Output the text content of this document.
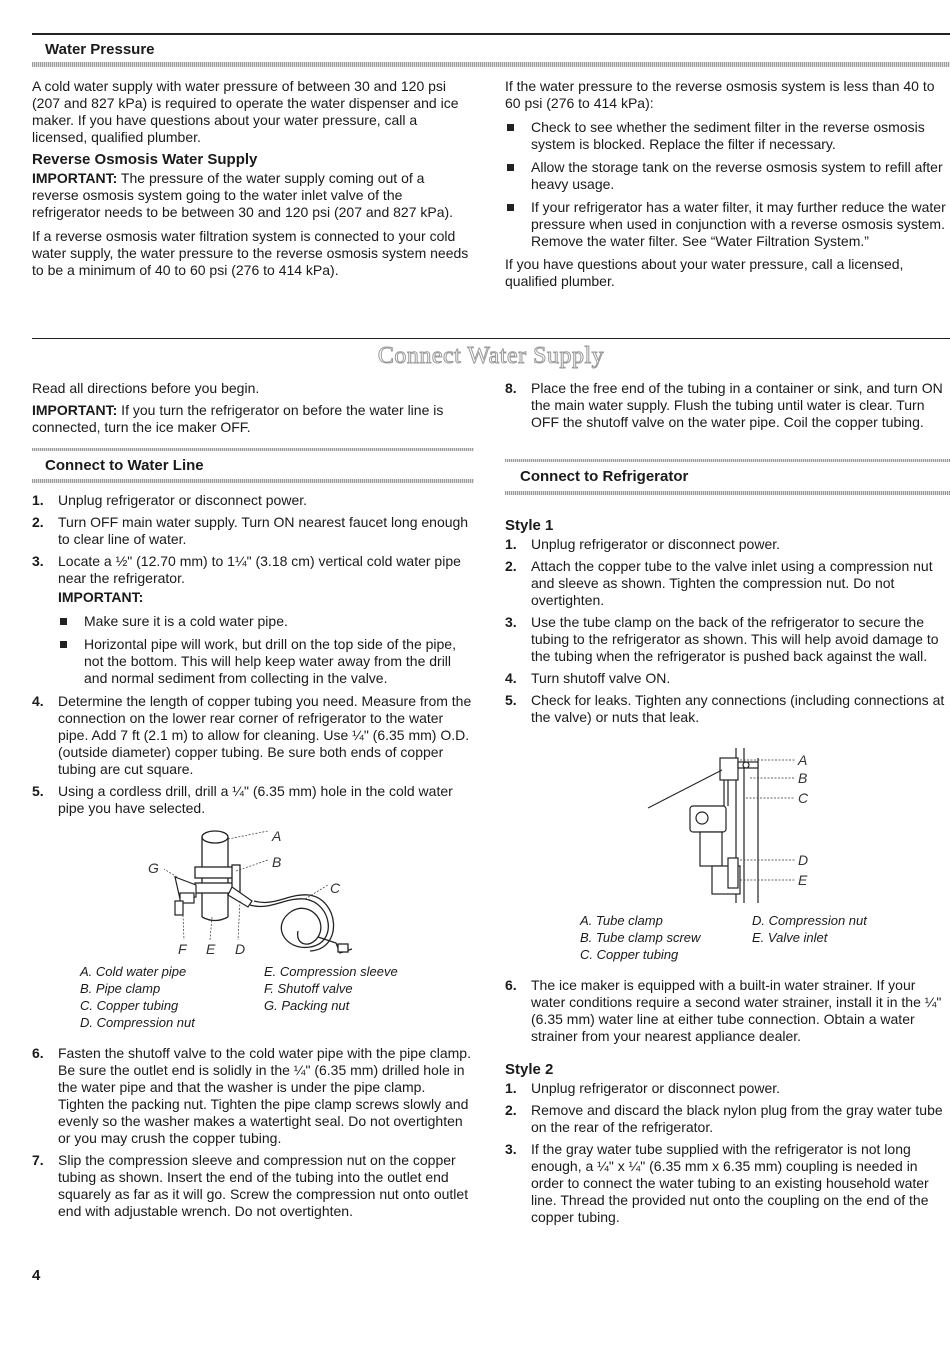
Water Pressure

A cold water supply with water pressure of between 30 and 120 psi (207 and 827 kPa) is required to operate the water dispenser and ice maker. If you have questions about your water pressure, call a licensed, qualified plumber.

Reverse Osmosis Water Supply

IMPORTANT: The pressure of the water supply coming out of a reverse osmosis system going to the water inlet valve of the refrigerator needs to be between 30 and 120 psi (207 and 827 kPa).

If a reverse osmosis water filtration system is connected to your cold water supply, the water pressure to the reverse osmosis system needs to be a minimum of 40 to 60 psi (276 to 414 kPa).

If the water pressure to the reverse osmosis system is less than 40 to 60 psi (276 to 414 kPa):

Check to see whether the sediment filter in the reverse osmosis system is blocked. Replace the filter if necessary.
Allow the storage tank on the reverse osmosis system to refill after heavy usage.
If your refrigerator has a water filter, it may further reduce the water pressure when used in conjunction with a reverse osmosis system. Remove the water filter. See “Water Filtration System.”

If you have questions about your water pressure, call a licensed, qualified plumber.

Connect Water Supply

Read all directions before you begin.

IMPORTANT: If you turn the refrigerator on before the water line is connected, turn the ice maker OFF.

Connect to Water Line
1. Unplug refrigerator or disconnect power.
2. Turn OFF main water supply. Turn ON nearest faucet long enough to clear line of water.
3. Locate a ½" (12.70 mm) to 1¼" (3.18 cm) vertical cold water pipe near the refrigerator.
IMPORTANT:
Make sure it is a cold water pipe.
Horizontal pipe will work, but drill on the top side of the pipe, not the bottom. This will help keep water away from the drill and normal sediment from collecting in the valve.
4. Determine the length of copper tubing you need. Measure from the connection on the lower rear corner of refrigerator to the water pipe. Add 7 ft (2.1 m) to allow for cleaning. Use ¼" (6.35 mm) O.D. (outside diameter) copper tubing. Be sure both ends of copper tubing are cut square.
5. Using a cordless drill, drill a ¼" (6.35 mm) hole in the cold water pipe you have selected.
A
B
C
G
F E D
A. Cold water pipe
B. Pipe clamp
C. Copper tubing
D. Compression nut
E. Compression sleeve
F. Shutoff valve
G. Packing nut
6. Fasten the shutoff valve to the cold water pipe with the pipe clamp. Be sure the outlet end is solidly in the ¼" (6.35 mm) drilled hole in the water pipe and that the washer is under the pipe clamp. Tighten the packing nut. Tighten the pipe clamp screws slowly and evenly so the washer makes a watertight seal. Do not overtighten or you may crush the copper tubing.
7. Slip the compression sleeve and compression nut on the copper tubing as shown. Insert the end of the tubing into the outlet end squarely as far as it will go. Screw the compression nut onto outlet end with adjustable wrench. Do not overtighten.
8. Place the free end of the tubing in a container or sink, and turn ON the main water supply. Flush the tubing until water is clear. Turn OFF the shutoff valve on the water pipe. Coil the copper tubing.
Connect to Refrigerator
Style 1
1. Unplug refrigerator or disconnect power.
2. Attach the copper tube to the valve inlet using a compression nut and sleeve as shown. Tighten the compression nut. Do not overtighten.
3. Use the tube clamp on the back of the refrigerator to secure the tubing to the refrigerator as shown. This will help avoid damage to the tubing when the refrigerator is pushed back against the wall.
4. Turn shutoff valve ON.
5. Check for leaks. Tighten any connections (including connections at the valve) or nuts that leak.
A
B
C
D
E
A. Tube clamp
B. Tube clamp screw
C. Copper tubing
D. Compression nut
E. Valve inlet
6. The ice maker is equipped with a built-in water strainer. If your water conditions require a second water strainer, install it in the ¼" (6.35 mm) water line at either tube connection. Obtain a water strainer from your nearest appliance dealer.
Style 2
1. Unplug refrigerator or disconnect power.
2. Remove and discard the black nylon plug from the gray water tube on the rear of the refrigerator.
3. If the gray water tube supplied with the refrigerator is not long enough, a ¼" x ¼" (6.35 mm x 6.35 mm) coupling is needed in order to connect the water tubing to an existing household water line. Thread the provided nut onto the coupling on the end of the copper tubing.
4
